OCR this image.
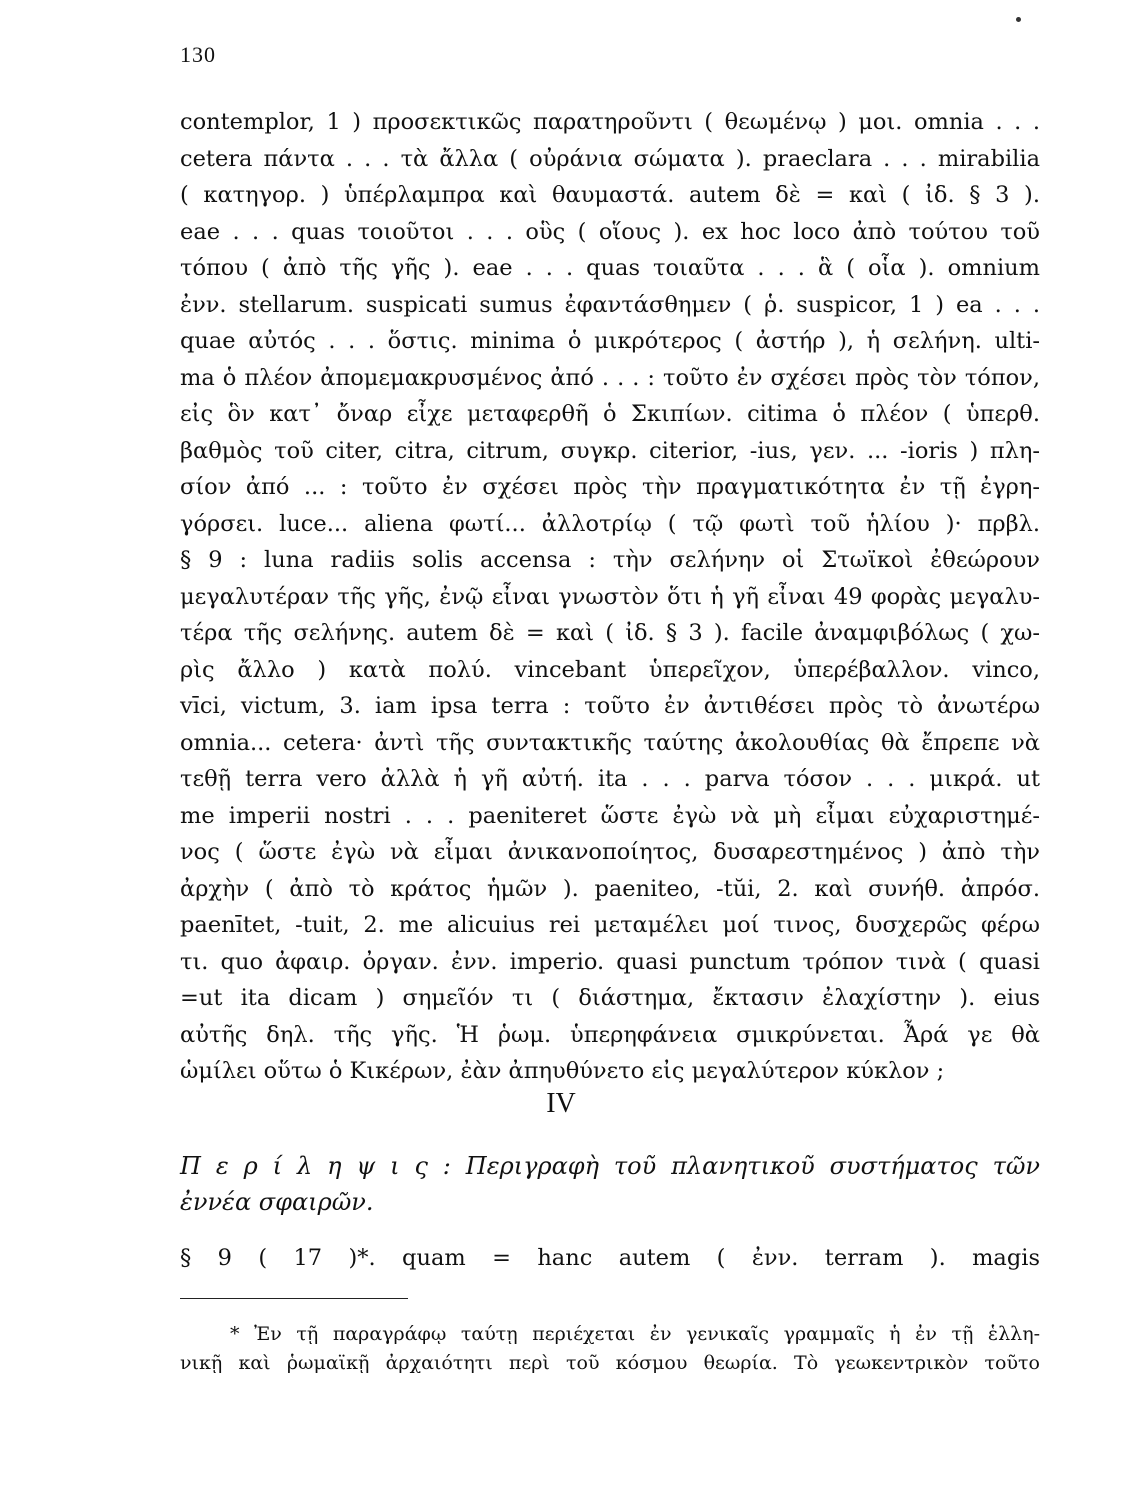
130
contemplor, 1 ) προσεκτικῶς παρατηροῦντι ( θεωμένῳ ) μοι. omnia . . .
cetera πάντα . . . τὰ ἄλλα ( οὐράνια σώματα ). praeclara . . . mirabilia
( κατηγορ. ) ὑπέρλαμπρα καὶ θαυμαστά. autem δὲ = καὶ ( ἰδ. § 3 ).
eae . . . quas τοιοῦτοι . . . οὓς ( οἵους ). ex hoc loco ἀπὸ τούτου τοῦ
τόπου ( ἀπὸ τῆς γῆς ). eae . . . quas τοιαῦτα . . . ἃ ( οἷα ). omnium
ἐνν. stellarum. suspicati sumus ἐφαντάσθημεν ( ῥ. suspicor, 1 ) ea . . .
quae αὐτός . . . ὅστις. minima ὁ μικρότερος ( ἀστήρ ), ἡ σελήνη. ulti-
ma ὁ πλέον ἀπομεμακρυσμένος ἀπό . . . : τοῦτο ἐν σχέσει πρὸς τὸν τόπον,
εἰς ὃν κατ᾽ ὄναρ εἶχε μεταφερθῆ ὁ Σκιπίων. citima ὁ πλέον ( ὑπερθ.
βαθμὸς τοῦ citer, citra, citrum, συγκρ. citerior, -ius, γεν. ... -ioris ) πλη-
σίον ἀπό ... : τοῦτο ἐν σχέσει πρὸς τὴν πραγματικότητα ἐν τῇ ἐγρη-
γόρσει. luce... aliena φωτί... ἀλλοτρίῳ ( τῷ φωτὶ τοῦ ἡλίου )· πρβλ.
§ 9 : luna radiis solis accensa : τὴν σελήνην οἱ Στωϊκοὶ ἐθεώρουν
μεγαλυτέραν τῆς γῆς, ἐνῷ εἶναι γνωστὸν ὅτι ἡ γῆ εἶναι 49 φορὰς μεγαλυ-
τέρα τῆς σελήνης. autem δὲ = καὶ ( ἰδ. § 3 ). facile ἀναμφιβόλως ( χω-
ρὶς ἄλλο ) κατὰ πολύ. vincebant ὑπερεῖχον, ὑπερέβαλλον. vinco,
vīci, victum, 3. iam ipsa terra : τοῦτο ἐν ἀντιθέσει πρὸς τὸ ἀνωτέρω
omnia... cetera· ἀντὶ τῆς συντακτικῆς ταύτης ἀκολουθίας θὰ ἔπρεπε νὰ
τεθῇ terra vero ἀλλὰ ἡ γῆ αὐτή. ita . . . parva τόσον . . . μικρά. ut
me imperii nostri . . . paeniteret ὥστε ἐγὼ νὰ μὴ εἶμαι εὐχαριστημέ-
νος ( ὥστε ἐγὼ νὰ εἶμαι ἀνικανοποίητος, δυσαρεστημένος ) ἀπὸ τὴν
ἀρχὴν ( ἀπὸ τὸ κράτος ἡμῶν ). paeniteo, -tŭi, 2. καὶ συνήθ. ἀπρόσ.
paenītet, -tuit, 2. me alicuius rei μεταμέλει μοί τινος, δυσχερῶς φέρω
τι. quo ἀφαιρ. ὀργαν. ἐνν. imperio. quasi punctum τρόπον τινὰ ( quasi
=ut ita dicam ) σημεῖόν τι ( διάστημα, ἔκτασιν ἐλαχίστην ). eius
αὐτῆς δηλ. τῆς γῆς. Ἡ ῥωμ. ὑπερηφάνεια σμικρύνεται. Ἆρά γε θὰ
ὡμίλει οὕτω ὁ Κικέρων, ἐὰν ἀπηυθύνετο εἰς μεγαλύτερον κύκλον ;
IV
Π ε ρ ί λ η ψ ι ς : Περιγραφὴ τοῦ πλανητικοῦ συστήματος τῶν
ἐννέα σφαιρῶν.
§ 9 ( 17 )*. quam = hanc autem ( ἐνν. terram ). magis
* Ἐν τῇ παραγράφῳ ταύτῃ περιέχεται ἐν γενικαῖς γραμμαῖς ἡ ἐν τῇ ἑλλη-
νικῇ καὶ ῥωμαϊκῇ ἀρχαιότητι περὶ τοῦ κόσμου θεωρία. Τὸ γεωκεντρικὸν τοῦτο
